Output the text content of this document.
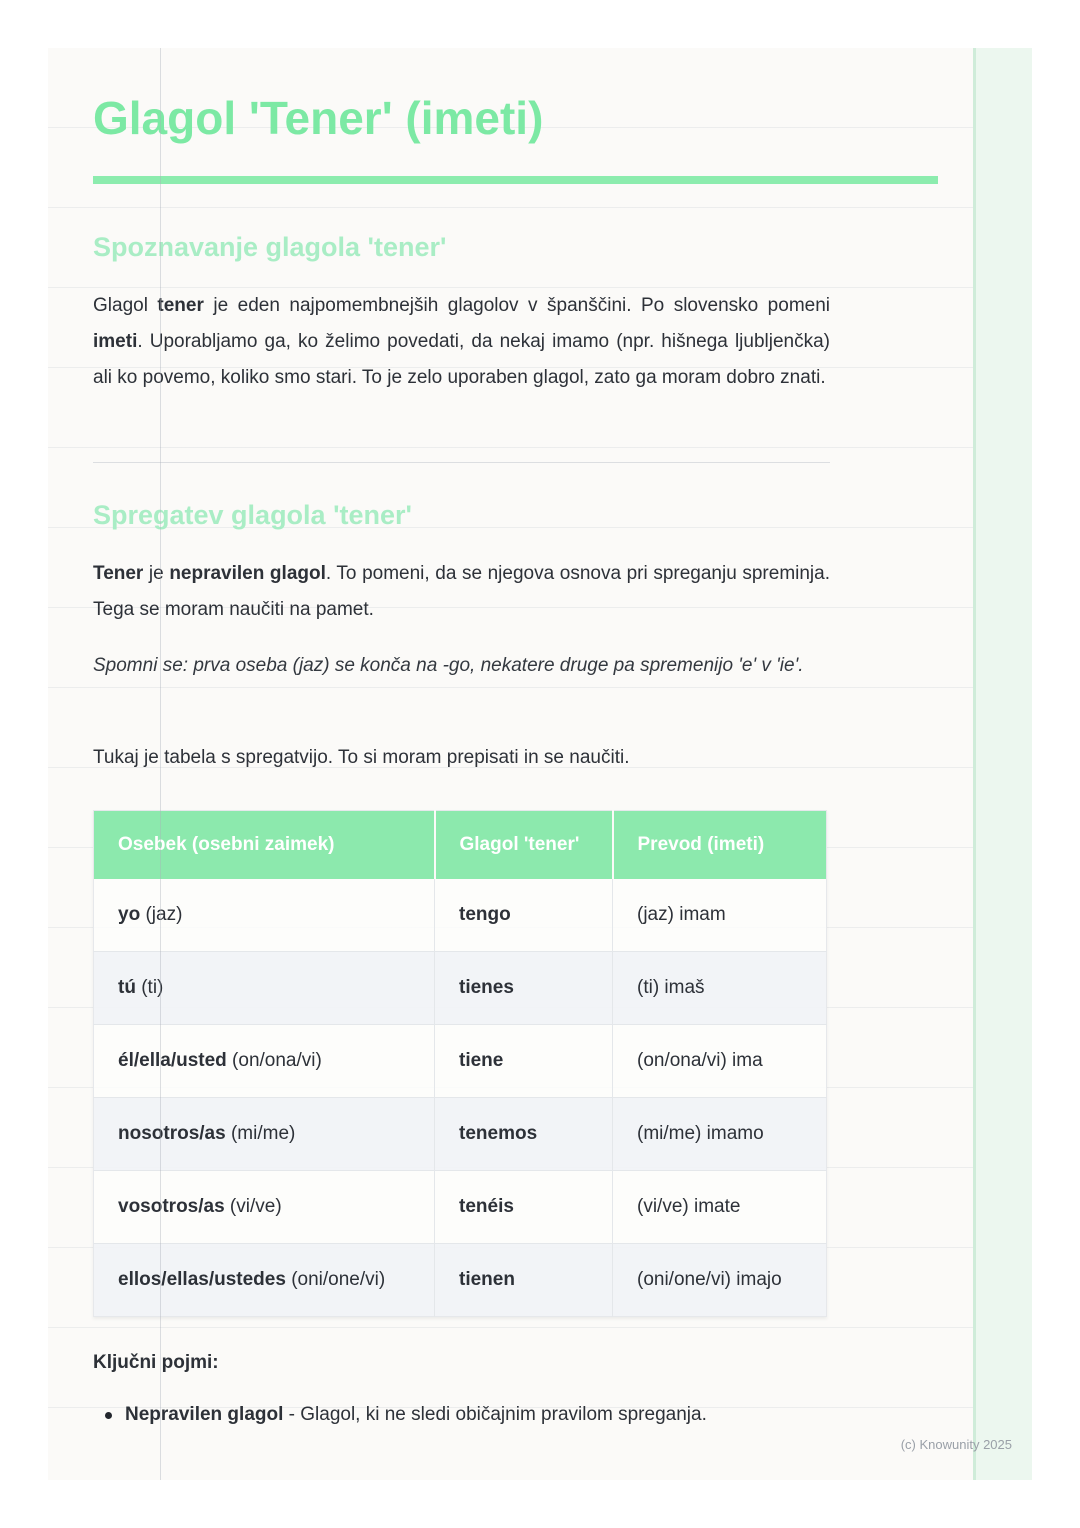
Glagol 'Tener' (imeti)
Spoznavanje glagola 'tener'

Glagol tener je eden najpomembnejših glagolov v španščini. Po slovensko pomeni imeti. Uporabljamo ga, ko želimo povedati, da nekaj imamo (npr. hišnega ljubljenčka) ali ko povemo, koliko smo stari. To je zelo uporaben glagol, zato ga moram dobro znati.

Spregatev glagola 'tener'

Tener je nepravilen glagol. To pomeni, da se njegova osnova pri spreganju spreminja. Tega se moram naučiti na pamet.

Spomni se: prva oseba (jaz) se konča na -go, nekatere druge pa spremenijo 'e' v 'ie'.

Tukaj je tabela s spregatvijo. To si moram prepisati in se naučiti.

Osebek (osebni zaimek)	Glagol 'tener'	Prevod (imeti)
yo (jaz)	tengo	(jaz) imam
tú (ti)	tienes	(ti) imaš
él/ella/usted (on/ona/vi)	tiene	(on/ona/vi) ima
nosotros/as (mi/me)	tenemos	(mi/me) imamo
vosotros/as (vi/ve)	tenéis	(vi/ve) imate
ellos/ellas/ustedes (oni/one/vi)	tienen	(oni/one/vi) imajo

Ključni pojmi:

Nepravilen glagol - Glagol, ki ne sledi običajnim pravilom spreganja.
(c) Knowunity 2025
